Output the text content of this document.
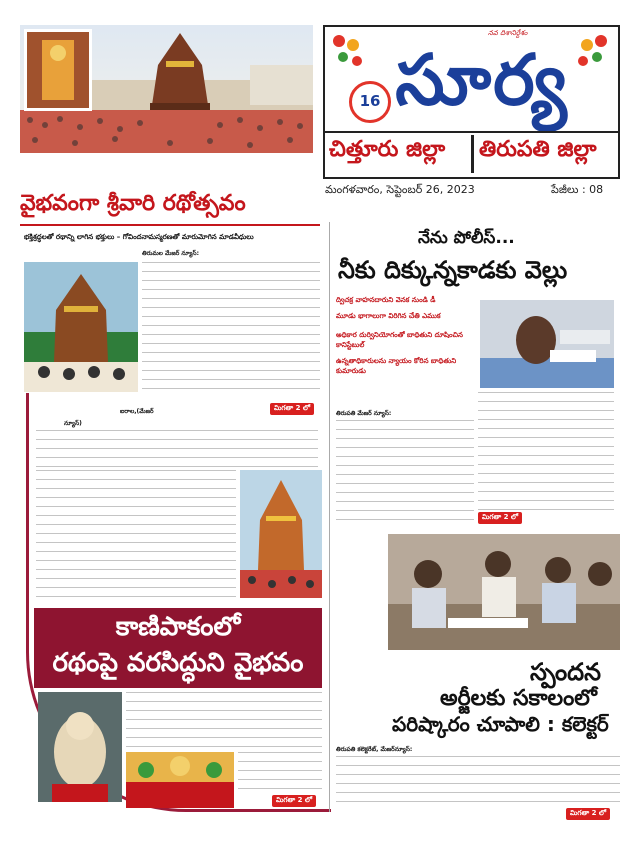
నవ దిశానిర్దేశం
16 సూర్య
చిత్తూరు జిల్లా తిరుపతి జిల్లా
మంగళవారం, సెప్టెంబర్ 26, 2023	పేజీలు : 08
వైభవంగా శ్రీవారి రథోత్సవం
భక్తిశ్రద్ధలతో రథాన్ని లాగిన భక్తులు – గోవిందనామస్మరణతో మారుమోగిన మాడవీధులు
తిరుమల మేజర్ న్యూస్:
మిగతా 2 లో
ఐరాల,(మేజర్
న్యూస్)
కాణిపాకంలో
రథంపై వరసిద్ధుని వైభవం
మిగతా 2 లో
నేను పోలీస్...
నీకు దిక్కున్నకాడకు వెల్లు
ద్విచక్ర వాహనదారుని వెనక నుండి డీ
మూడు భాగాలుగా విరిగిన చేతి ఎముక
అధికార దుర్వినియోగంతో బాధితుని దూషించిన కానిస్టేబుల్
ఉన్నతాధికారులను న్యాయం కోరిన బాధితుని కుమారుడు
తిరుపతి మేజర్ న్యూస్:
మిగతా 2 లో
స్పందన
అర్జీలకు సకాలంలో
పరిష్కారం చూపాలి : కలెక్టర్
తిరుపతి కలెక్టరేట్, మేజర్‌న్యూస్:
మిగతా 2 లో
